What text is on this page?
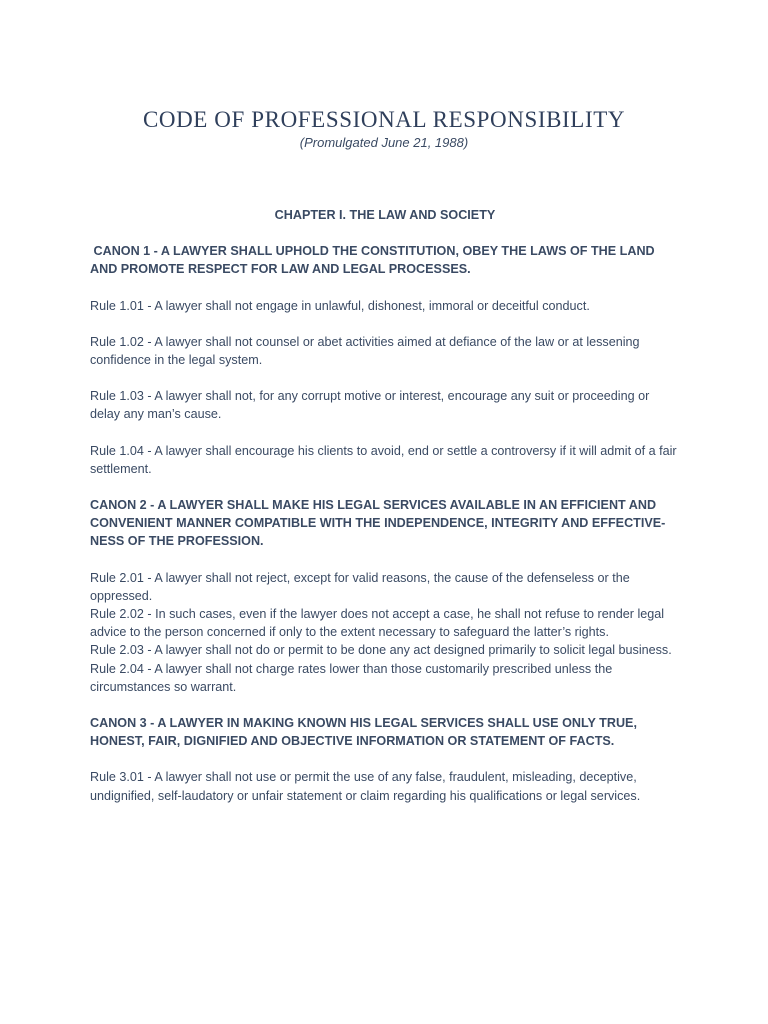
CODE OF PROFESSIONAL RESPONSIBILITY
(Promulgated June 21, 1988)
CHAPTER I. THE LAW AND SOCIETY
CANON 1 - A LAWYER SHALL UPHOLD THE CONSTITUTION, OBEY THE LAWS OF THE LAND AND PROMOTE RESPECT FOR LAW AND LEGAL PROCESSES.
Rule 1.01 - A lawyer shall not engage in unlawful, dishonest, immoral or deceitful conduct.
Rule 1.02 - A lawyer shall not counsel or abet activities aimed at defiance of the law or at lessening confidence in the legal system.
Rule 1.03 - A lawyer shall not, for any corrupt motive or interest, encourage any suit or proceeding or delay any man’s cause.
Rule 1.04 - A lawyer shall encourage his clients to avoid, end or settle a controversy if it will admit of a fair settlement.
CANON 2 - A LAWYER SHALL MAKE HIS LEGAL SERVICES AVAILABLE IN AN EFFICIENT AND CONVENIENT MANNER COMPATIBLE WITH THE INDEPENDENCE, INTEGRITY AND EFFECTIVE-NESS OF THE PROFESSION.
Rule 2.01 - A lawyer shall not reject, except for valid reasons, the cause of the defenseless or the oppressed.
Rule 2.02 - In such cases, even if the lawyer does not accept a case, he shall not refuse to render legal advice to the person concerned if only to the extent necessary to safeguard the latter’s rights.
Rule 2.03 - A lawyer shall not do or permit to be done any act designed primarily to solicit legal business.
Rule 2.04 - A lawyer shall not charge rates lower than those customarily prescribed unless the circumstances so warrant.
CANON 3 - A LAWYER IN MAKING KNOWN HIS LEGAL SERVICES SHALL USE ONLY TRUE, HONEST, FAIR, DIGNIFIED AND OBJECTIVE INFORMATION OR STATEMENT OF FACTS.
Rule 3.01 - A lawyer shall not use or permit the use of any false, fraudulent, misleading, deceptive, undignified, self-laudatory or unfair statement or claim regarding his qualifications or legal services.
